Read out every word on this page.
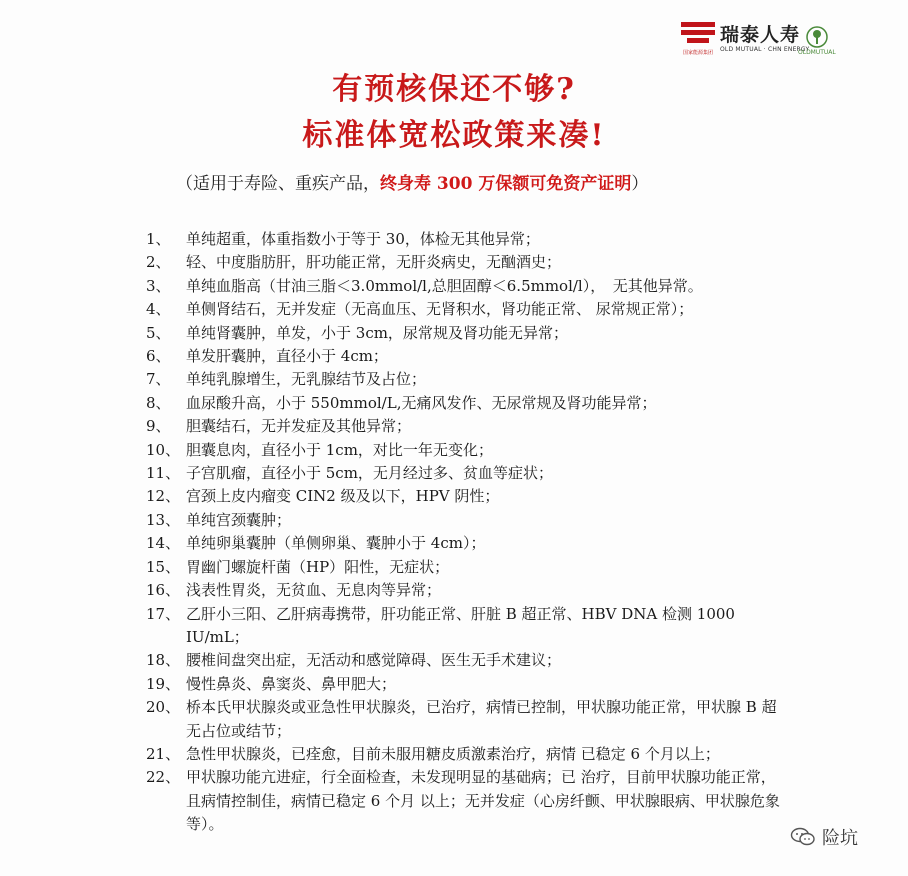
国家能源集团
瑞泰人寿
OLD MUTUAL · CHN ENERGY
OLDMUTUAL
有预核保还不够?
标准体宽松政策来凑!
（适用于寿险、重疾产品，终身寿 300 万保额可免资产证明）
1、	单纯超重，体重指数小于等于 30，体检无其他异常；
2、	轻、中度脂肪肝，肝功能正常，无肝炎病史，无酗酒史；
3、	单纯血脂高（甘油三脂＜3.0mmol/l,总胆固醇＜6.5mmol/l），　无其他异常。
4、	单侧肾结石，无并发症（无高血压、无肾积水，肾功能正常、 尿常规正常）；
5、	单纯肾囊肿，单发，小于 3cm，尿常规及肾功能无异常；
6、	单发肝囊肿，直径小于 4cm；
7、	单纯乳腺增生，无乳腺结节及占位；
8、	血尿酸升高，小于 550mmol/L,无痛风发作、无尿常规及肾功能异常；
9、	胆囊结石，无并发症及其他异常；
10、 胆囊息肉，直径小于 1cm，对比一年无变化；
11、 子宫肌瘤，直径小于 5cm，无月经过多、贫血等症状；
12、 宫颈上皮内瘤变 CIN2 级及以下，HPV 阴性；
13、 单纯宫颈囊肿；
14、 单纯卵巢囊肿（单侧卵巢、囊肿小于 4cm）；
15、 胃幽门螺旋杆菌（HP）阳性，无症状；
16、 浅表性胃炎，无贫血、无息肉等异常；
17、 乙肝小三阳、乙肝病毒携带，肝功能正常、肝脏 B 超正常、HBV DNA 检测 1000 IU/mL；
18、 腰椎间盘突出症，无活动和感觉障碍、医生无手术建议；
19、 慢性鼻炎、鼻窦炎、鼻甲肥大；
20、 桥本氏甲状腺炎或亚急性甲状腺炎，已治疗，病情已控制，甲状腺功能正常，甲状腺 B 超无占位或结节；
21、 急性甲状腺炎，已痊愈，目前未服用糖皮质激素治疗，病情 已稳定 6 个月以上；
22、 甲状腺功能亢进症，行全面检查，未发现明显的基础病；已 治疗，目前甲状腺功能正常，且病情控制佳，病情已稳定 6 个月 以上；无并发症（心房纤颤、甲状腺眼病、甲状腺危象等）。
险坑
